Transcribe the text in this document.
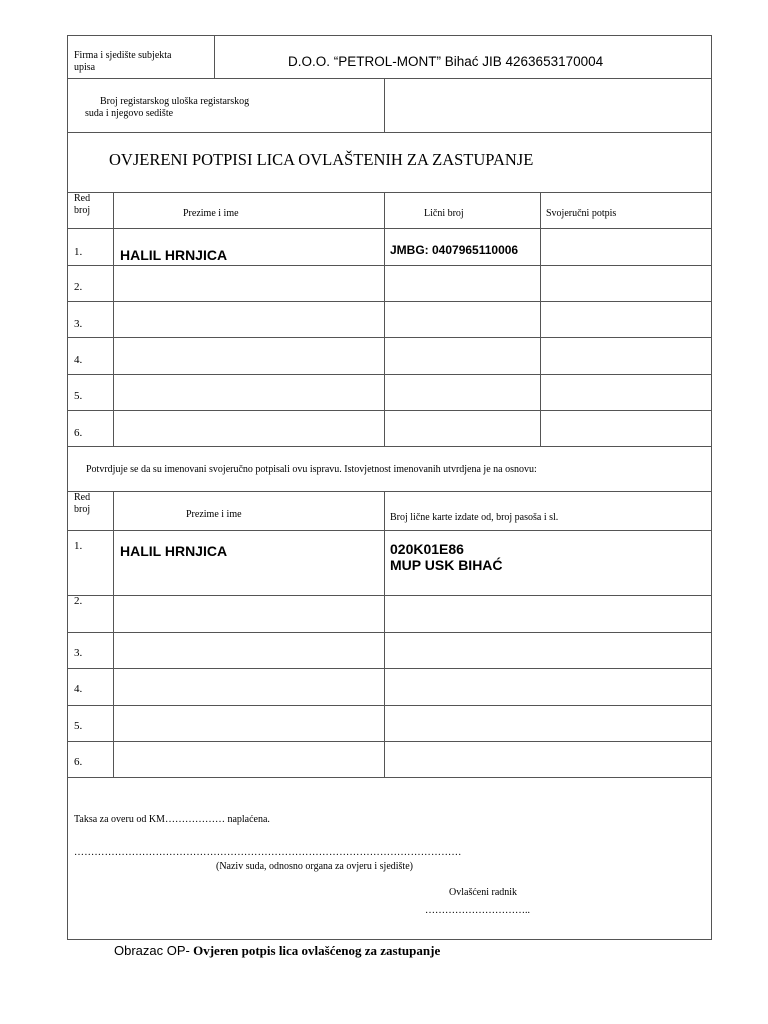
Firma i sjedište subjekta
upisa	D.O.O. “PETROL-MONT” Bihać JIB 4263653170004
Broj registarskog uloška registarskog
suda i njegovo sedište
OVJERENI POTPISI LICA OVLAŠTENIH ZA ZASTUPANJE
Red
broj	Prezime i ime	Lični broj	Svojeručni potpis
1.	HALIL HRNJICA	JMBG: 0407965110006
2.
3.
4.
5.
6.
Potvrdjuje se da su imenovani svojeručno potpisali ovu ispravu. Istovjetnost imenovanih utvrdjena je na osnovu:
Red
broj	Prezime i ime	Broj lične karte izdate od, broj pasoša i sl.
1.	HALIL HRNJICA	020K01E86
MUP USK BIHAĆ
2.
3.
4.
5.
6.
Taksa za overu od KM……………… naplaćena.
……………………………………………………………………………………………………
(Naziv suda, odnosno organa za ovjeru i sjedište)
Ovlašćeni radnik
…………………………..
Obrazac OP- Ovjeren potpis lica ovlašćenog za zastupanje
